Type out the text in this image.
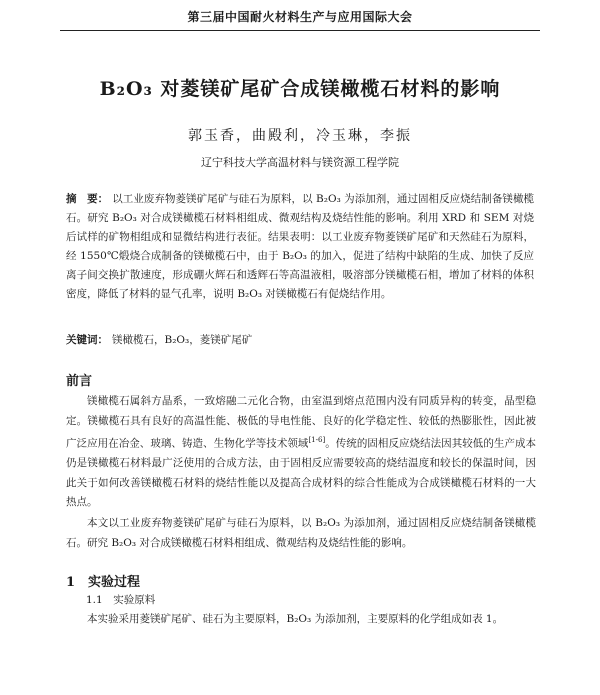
第三届中国耐火材料生产与应用国际大会
B₂O₃ 对菱镁矿尾矿合成镁橄榄石材料的影响
郭玉香，曲殿利，冷玉琳，李振
辽宁科技大学高温材料与镁资源工程学院
摘　要： 以工业废弃物菱镁矿尾矿与硅石为原料，以 B₂O₃ 为添加剂，通过固相反应烧结制备镁橄榄石。研究 B₂O₃ 对合成镁橄榄石材料相组成、微观结构及烧结性能的影响。利用 XRD 和 SEM 对烧后试样的矿物相组成和显微结构进行表征。结果表明：以工业废弃物菱镁矿尾矿和天然硅石为原料，经 1550℃煅烧合成制备的镁橄榄石中，由于 B₂O₃ 的加入，促进了结构中缺陷的生成、加快了反应离子间交换扩散速度，形成硼火辉石和透辉石等高温液相，吸溶部分镁橄榄石相，增加了材料的体积密度，降低了材料的显气孔率，说明 B₂O₃ 对镁橄榄石有促烧结作用。
关键词： 镁橄榄石，B₂O₃，菱镁矿尾矿
前言
镁橄榄石属斜方晶系，一致熔融二元化合物，由室温到熔点范围内没有同质异构的转变，晶型稳定。镁橄榄石具有良好的高温性能、极低的导电性能、良好的化学稳定性、较低的热膨胀性，因此被广泛应用在冶金、玻璃、铸造、生物化学等技术领域[1-6]。传统的固相反应烧结法因其较低的生产成本仍是镁橄榄石材料最广泛使用的合成方法，由于固相反应需要较高的烧结温度和较长的保温时间，因此关于如何改善镁橄榄石材料的烧结性能以及提高合成材料的综合性能成为合成镁橄榄石材料的一大热点。
本文以工业废弃物菱镁矿尾矿与硅石为原料，以 B₂O₃ 为添加剂，通过固相反应烧结制备镁橄榄石。研究 B₂O₃ 对合成镁橄榄石材料相组成、微观结构及烧结性能的影响。
1　实验过程
1.1　实验原料
本实验采用菱镁矿尾矿、硅石为主要原料，B₂O₃ 为添加剂，主要原料的化学组成如表 1。
